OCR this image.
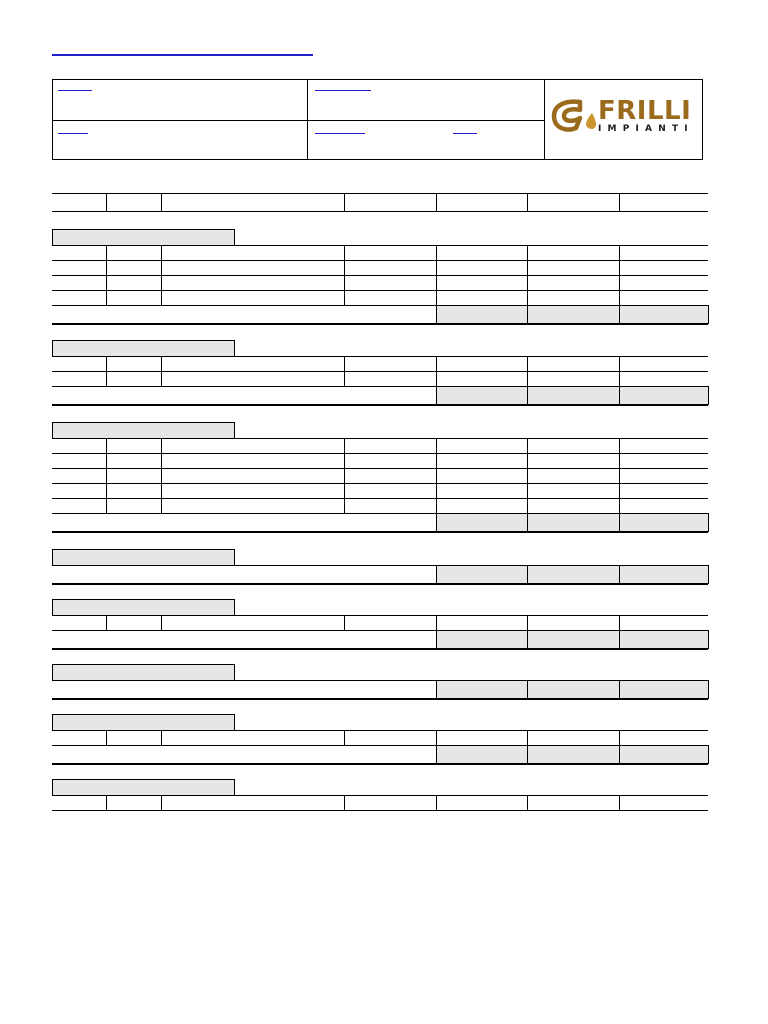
FRILLI
IMPIANTI
